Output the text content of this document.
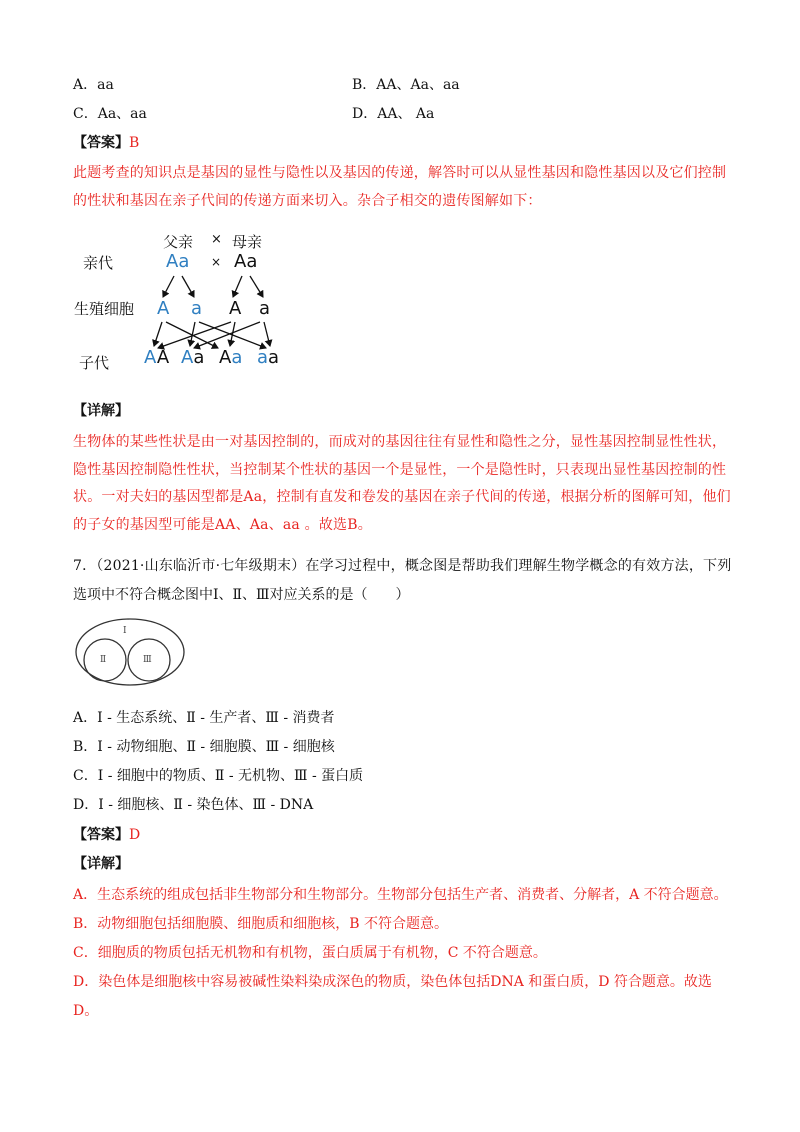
A．aa	B．AA、Aa、aa
C．Aa、aa	D．AA、 Aa
【答案】B
此题考查的知识点是基因的显性与隐性以及基因的传递，解答时可以从显性基因和隐性基因以及它们控制的性状和基因在亲子代间的传递方面来切入。杂合子相交的遗传图解如下：
亲代
生殖细胞
子代
父亲 × 母亲
Aa × Aa
A a A a
AA Aa Aa aa
【详解】
生物体的某些性状是由一对基因控制的，而成对的基因往往有显性和隐性之分，显性基因控制显性性状，隐性基因控制隐性性状，当控制某个性状的基因一个是显性，一个是隐性时，只表现出显性基因控制的性状。一对夫妇的基因型都是Aa，控制有直发和卷发的基因在亲子代间的传递，根据分析的图解可知，他们的子女的基因型可能是AA、Aa、aa 。故选B。
7．（2021·山东临沂市·七年级期末）在学习过程中，概念图是帮助我们理解生物学概念的有效方法，下列
选项中不符合概念图中Ⅰ、Ⅱ、Ⅲ对应关系的是（　　）
Ⅰ
Ⅱ	Ⅲ
A．Ⅰ - 生态系统、Ⅱ - 生产者、Ⅲ - 消费者
B．Ⅰ - 动物细胞、Ⅱ - 细胞膜、Ⅲ - 细胞核
C．Ⅰ - 细胞中的物质、Ⅱ - 无机物、Ⅲ - 蛋白质
D．Ⅰ - 细胞核、Ⅱ - 染色体、Ⅲ - DNA
【答案】D
【详解】
A．生态系统的组成包括非生物部分和生物部分。生物部分包括生产者、消费者、分解者，A 不符合题意。
B．动物细胞包括细胞膜、细胞质和细胞核，B 不符合题意。
C．细胞质的物质包括无机物和有机物，蛋白质属于有机物，C 不符合题意。
D．染色体是细胞核中容易被碱性染料染成深色的物质，染色体包括DNA 和蛋白质，D 符合题意。故选
D。
